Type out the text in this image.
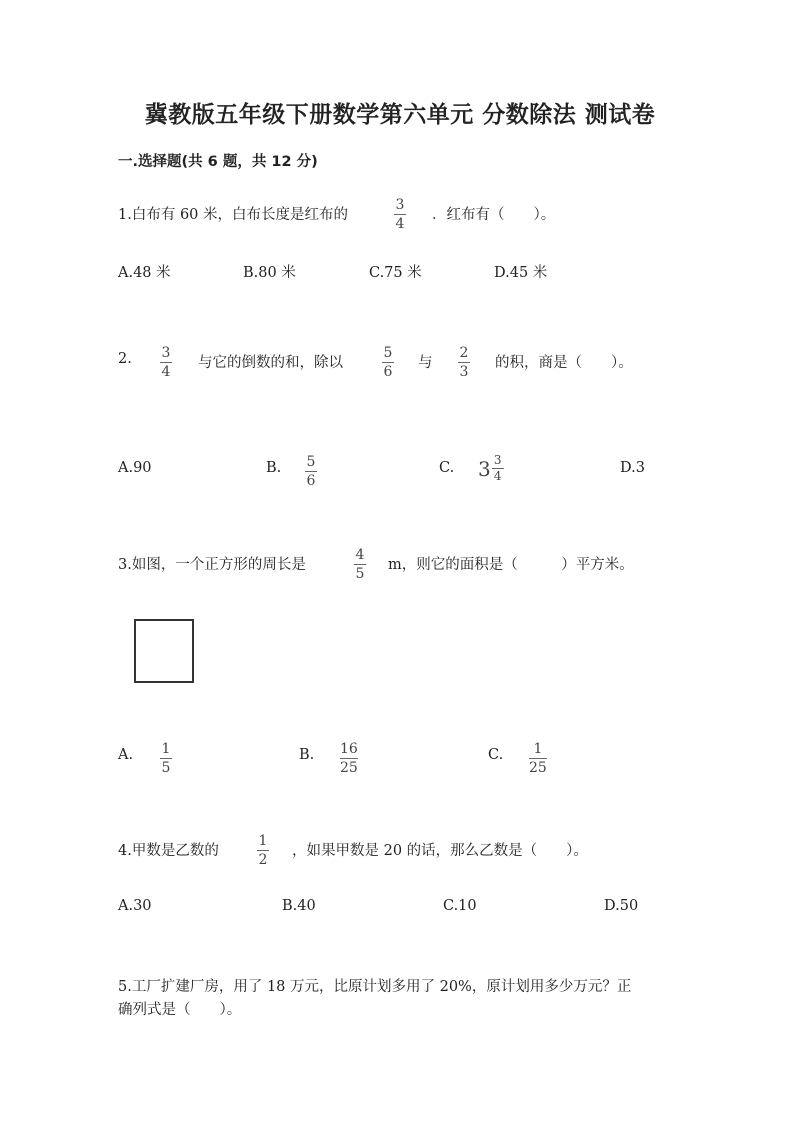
冀教版五年级下册数学第六单元 分数除法 测试卷
一.选择题(共 6 题，共 12 分)
1.白布有 60 米，白布长度是红布的
3
4
．红布有（　　）。
A.48 米	B.80 米	C.75 米	D.45 米
2. 3
4
与它的倒数的和，除以
5
6
与
2
3
的积，商是（　　）。
A.90	B. 5
6
C. $3 \frac{3}{4}$	D.3
3.如图，一个正方形的周长是
4
5
m，则它的面积是（　　　）平方米。
A. 1
5
B. 16
25
C. 1
25
4.甲数是乙数的
1
2
，如果甲数是 20 的话，那么乙数是（　　）。
A.30	B.40	C.10	D.50
5.工厂扩建厂房，用了 18 万元，比原计划多用了 20%，原计划用多少万元？正
确列式是（　　）。
